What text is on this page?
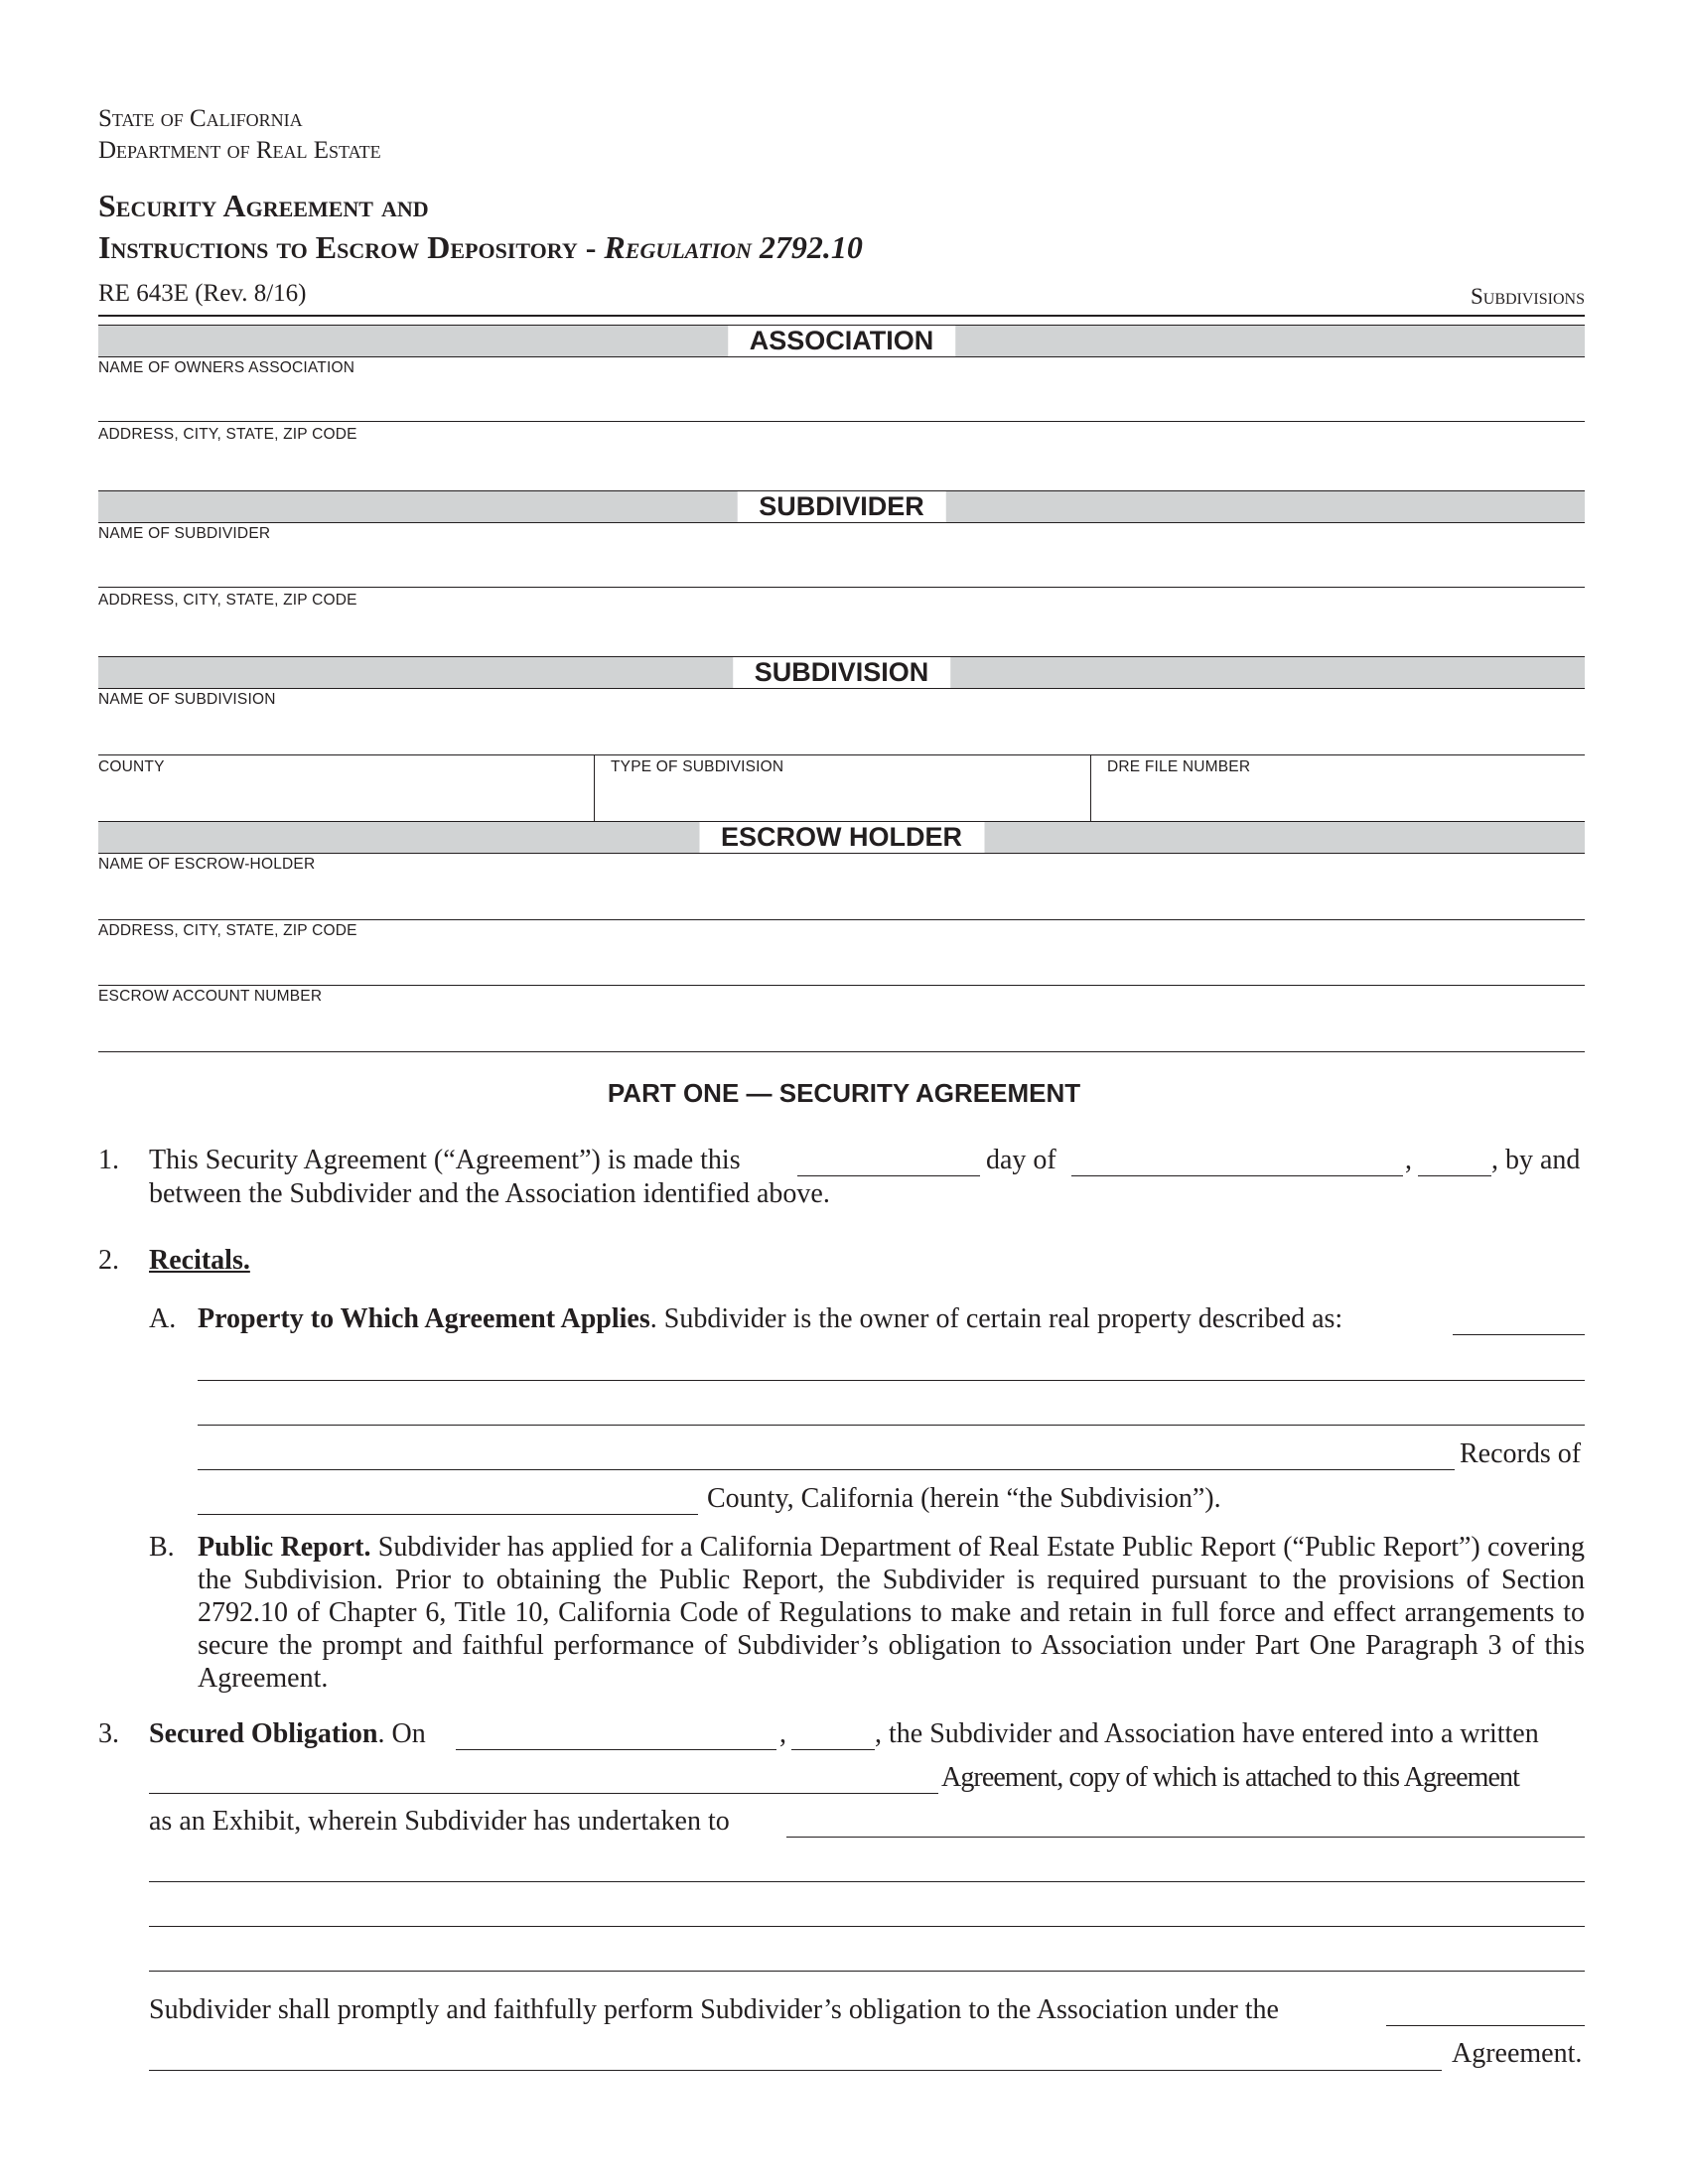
State of California
Department of Real Estate
Security Agreement and
Instructions to Escrow Depository - Regulation 2792.10
RE 643E (Rev. 8/16)	Subdivisions
ASSOCIATION
NAME OF OWNERS ASSOCIATION
ADDRESS, CITY, STATE, ZIP CODE
SUBDIVIDER
NAME OF SUBDIVIDER
ADDRESS, CITY, STATE, ZIP CODE
SUBDIVISION
NAME OF SUBDIVISION
COUNTY	TYPE OF SUBDIVISION	DRE FILE NUMBER
ESCROW HOLDER
NAME OF ESCROW-HOLDER
ADDRESS, CITY, STATE, ZIP CODE
ESCROW ACCOUNT NUMBER
PART ONE — SECURITY AGREEMENT
1. This Security Agreement (“Agreement”) is made this	day of	,	, by and
between the Subdivider and the Association identified above.
2. Recitals.
A. Property to Which Agreement Applies. Subdivider is the owner of certain real property described as:
Records of
County, California (herein “the Subdivision”).
B. Public Report. Subdivider has applied for a California Department of Real Estate Public Report (“Public Report”) covering the Subdivision. Prior to obtaining the Public Report, the Subdivider is required pursuant to the provisions of Section 2792.10 of Chapter 6, Title 10, California Code of Regulations to make and retain in full force and effect arrangements to secure the prompt and faithful performance of Subdivider’s obligation to Association under Part One Paragraph 3 of this Agreement.
3. Secured Obligation. On	,	, the Subdivider and Association have entered into a written
Agreement, copy of which is attached to this Agreement
as an Exhibit, wherein Subdivider has undertaken to
Subdivider shall promptly and faithfully perform Subdivider’s obligation to the Association under the
Agreement.
